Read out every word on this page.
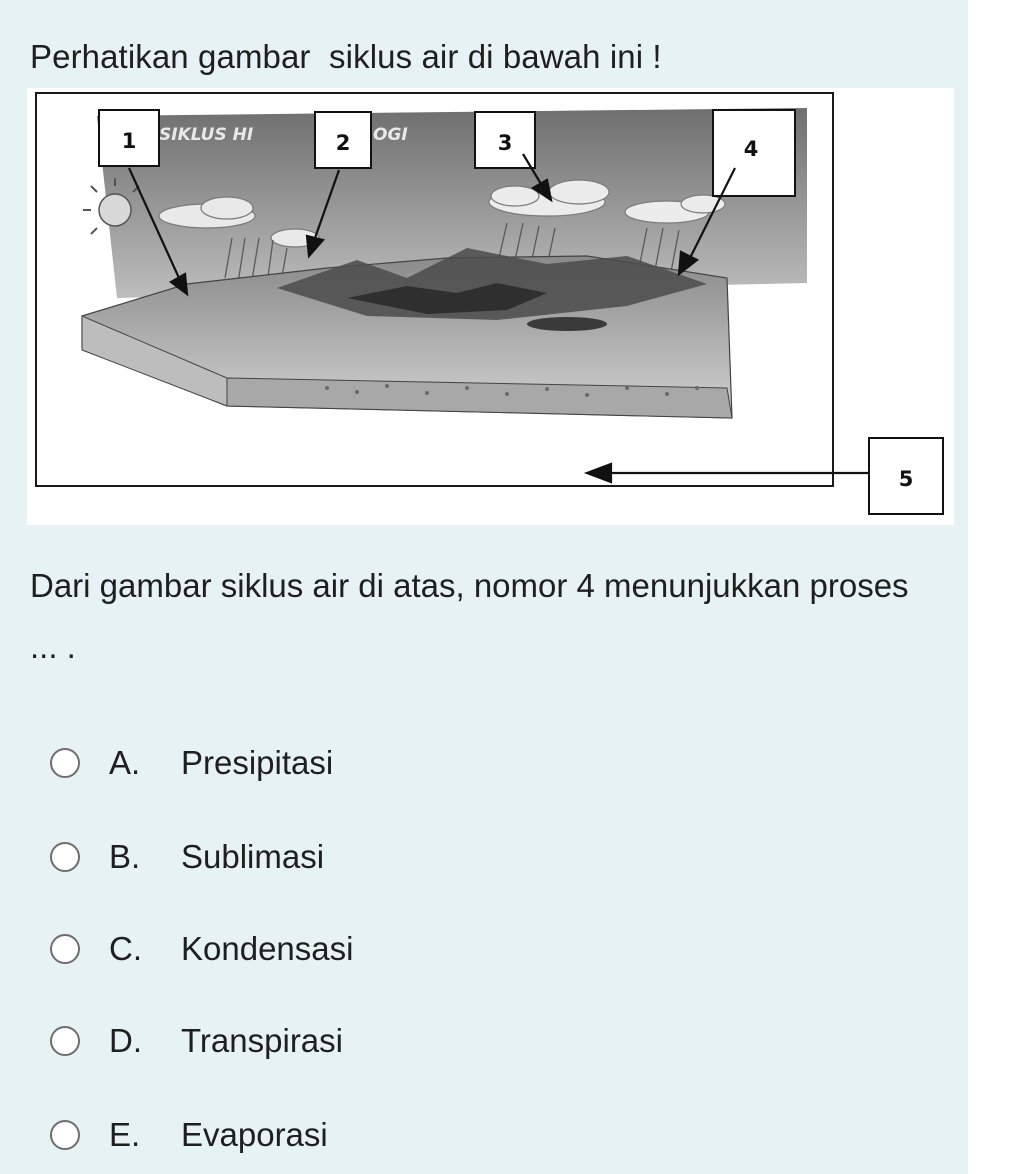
Perhatikan gambar  siklus air di bawah ini !
SIKLUS HI	OGI
1	2	3	4
5

Dari gambar siklus air di atas, nomor 4 menunjukkan proses ... .

A.	Presipitasi
B.	Sublimasi
C.	Kondensasi
D.	Transpirasi
E.	Evaporasi
